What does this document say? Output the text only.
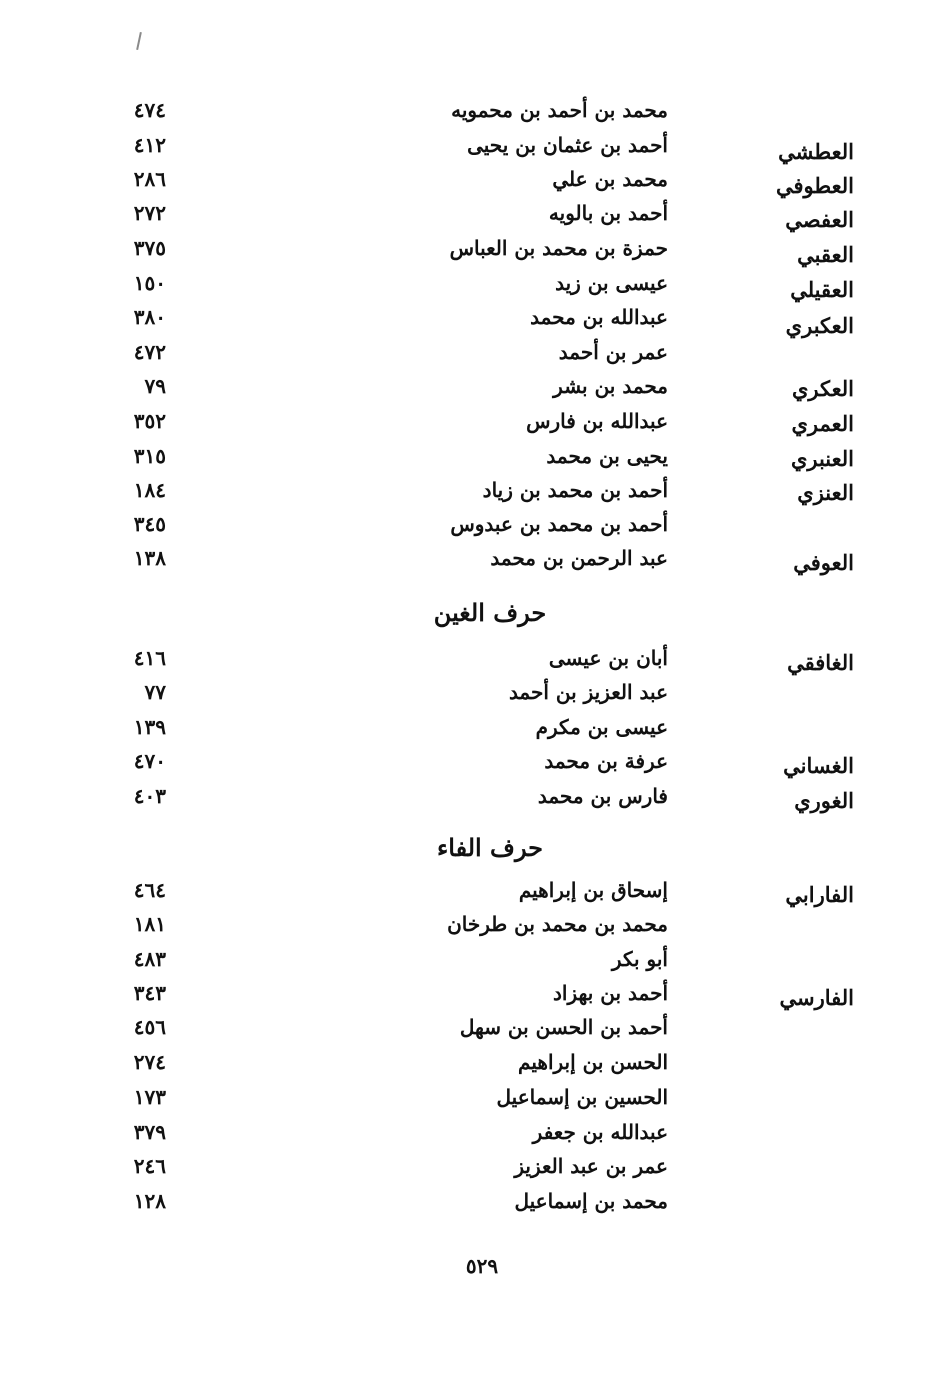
محمد بن أحمد بن محمويه
٤٧٤
العطشي
أحمد بن عثمان بن يحيى
٤١٢
العطوفي
محمد بن علي
٢٨٦
العفصي
أحمد بن بالويه
٢٧٢
العقبي
حمزة بن محمد بن العباس
٣٧٥
العقيلي
عيسى بن زيد
١٥٠
العكبري
عبدالله بن محمد
٣٨٠
عمر بن أحمد
٤٧٢
العكري
محمد بن بشر
٧٩
العمري
عبدالله بن فارس
٣٥٢
العنبري
يحيى بن محمد
٣١٥
العنزي
أحمد بن محمد بن زياد
١٨٤
أحمد بن محمد بن عبدوس
٣٤٥
العوفي
عبد الرحمن بن محمد
١٣٨
حرف الغين
الغافقي
أبان بن عيسى
٤١٦
عبد العزيز بن أحمد
٧٧
عيسى بن مكرم
١٣٩
الغساني
عرفة بن محمد
٤٧٠
الغوري
فارس بن محمد
٤٠٣
حرف الفاء
الفارابي
إسحاق بن إبراهيم
٤٦٤
محمد بن محمد بن طرخان
١٨١
أبو بكر
٤٨٣
الفارسي
أحمد بن بهزاد
٣٤٣
أحمد بن الحسن بن سهل
٤٥٦
الحسن بن إبراهيم
٢٧٤
الحسين بن إسماعيل
١٧٣
عبدالله بن جعفر
٣٧٩
عمر بن عبد العزيز
٢٤٦
محمد بن إسماعيل
١٢٨
٥٢٩
